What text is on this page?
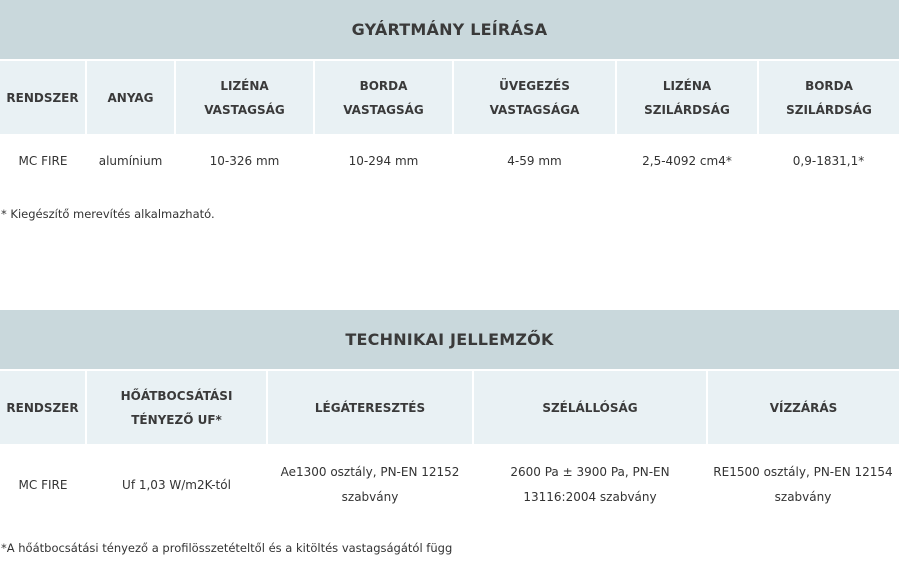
GYÁRTMÁNY LEÍRÁSA
RENDSZER	ANYAG	LIZÉNA VASTAGSÁG	BORDA VASTAGSÁG	ÜVEGEZÉS VASTAGSÁGA	LIZÉNA SZILÁRDSÁG	BORDA SZILÁRDSÁG
MC FIRE	alumínium	10-326 mm	10-294 mm	4-59 mm	2,5-4092 cm4*	0,9-1831,1*
* Kiegészítő merevítés alkalmazható.
TECHNIKAI JELLEMZŐK
RENDSZER	HŐÁTBOCSÁTÁSI TÉNYEZŐ UF*	LÉGÁTERESZTÉS	SZÉLÁLLÓSÁG	VÍZZÁRÁS
MC FIRE	Uf 1,03 W/m2K-tól	Ae1300 osztály, PN-EN 12152 szabvány	2600 Pa ± 3900 Pa, PN-EN 13116:2004 szabvány	RE1500 osztály, PN-EN 12154 szabvány
*A hőátbocsátási tényező a profilösszetételtől és a kitöltés vastagságától függ
